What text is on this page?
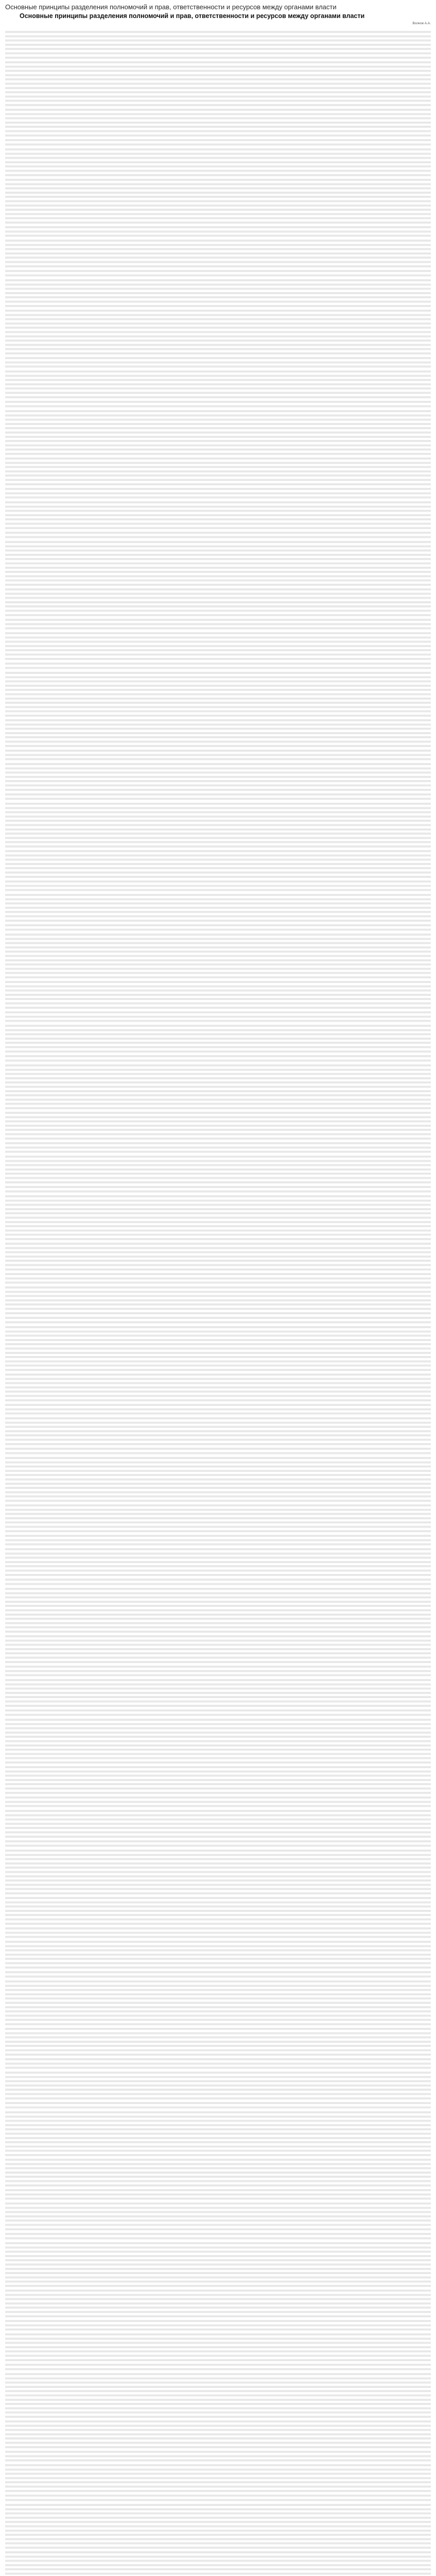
Основные принципы разделения полномочий и прав, ответственности и ресурсов между органами власти
Основные принципы разделения полномочий и прав, ответственности и ресурсов между органами власти
Волков А.А.
